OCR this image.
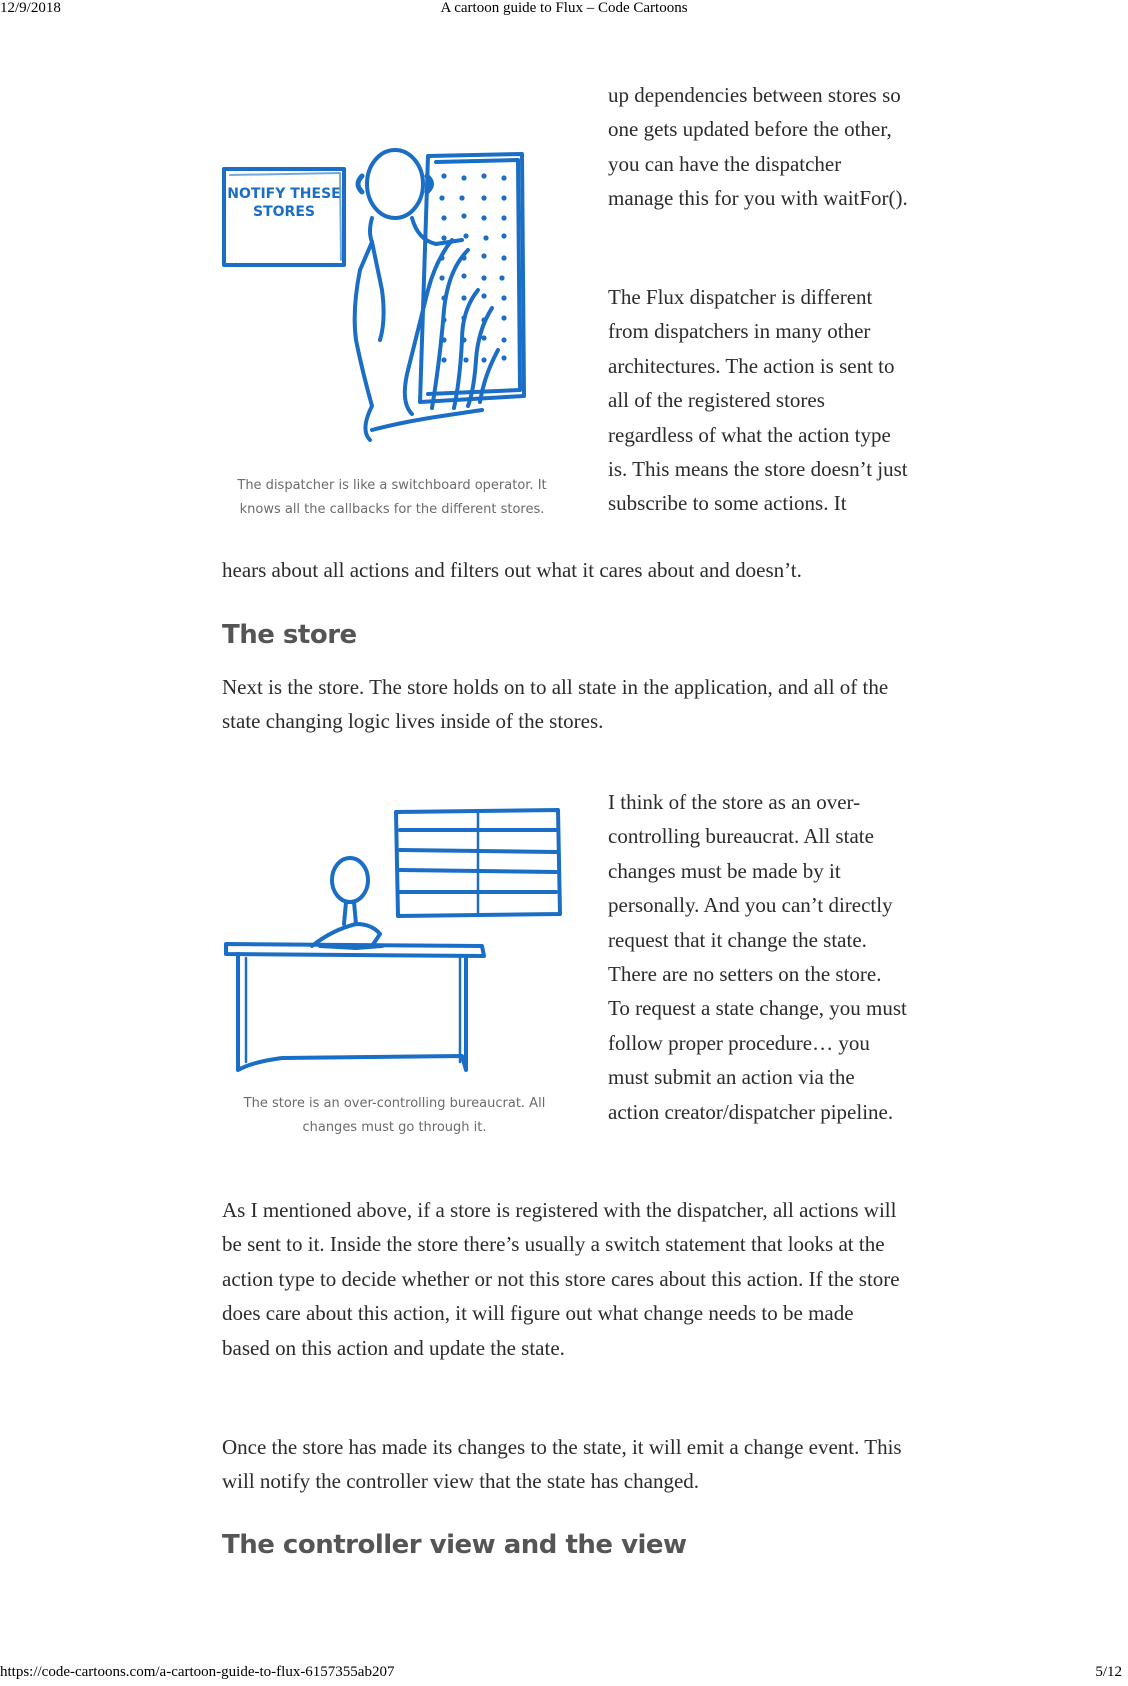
12/9/2018	A cartoon guide to Flux – Code Cartoons
NOTIFY THESE
STORES

The dispatcher is like a switchboard operator. It knows all the callbacks for the different stores.

up dependencies between stores so one gets updated before the other, you can have the dispatcher manage this for you with waitFor().

The Flux dispatcher is different from dispatchers in many other architectures. The action is sent to all of the registered stores regardless of what the action type is. This means the store doesn’t just subscribe to some actions. It

hears about all actions and filters out what it cares about and doesn’t.

The store

Next is the store. The store holds on to all state in the application, and all of the state changing logic lives inside of the stores.

The store is an over-controlling bureaucrat. All changes must go through it.

I think of the store as an over-controlling bureaucrat. All state changes must be made by it personally. And you can’t directly request that it change the state. There are no setters on the store. To request a state change, you must follow proper procedure… you must submit an action via the action creator/dispatcher pipeline.

As I mentioned above, if a store is registered with the dispatcher, all actions will be sent to it. Inside the store there’s usually a switch statement that looks at the action type to decide whether or not this store cares about this action. If the store does care about this action, it will figure out what change needs to be made based on this action and update the state.

Once the store has made its changes to the state, it will emit a change event. This will notify the controller view that the state has changed.

The controller view and the view
https://code-cartoons.com/a-cartoon-guide-to-flux-6157355ab207	5/12
